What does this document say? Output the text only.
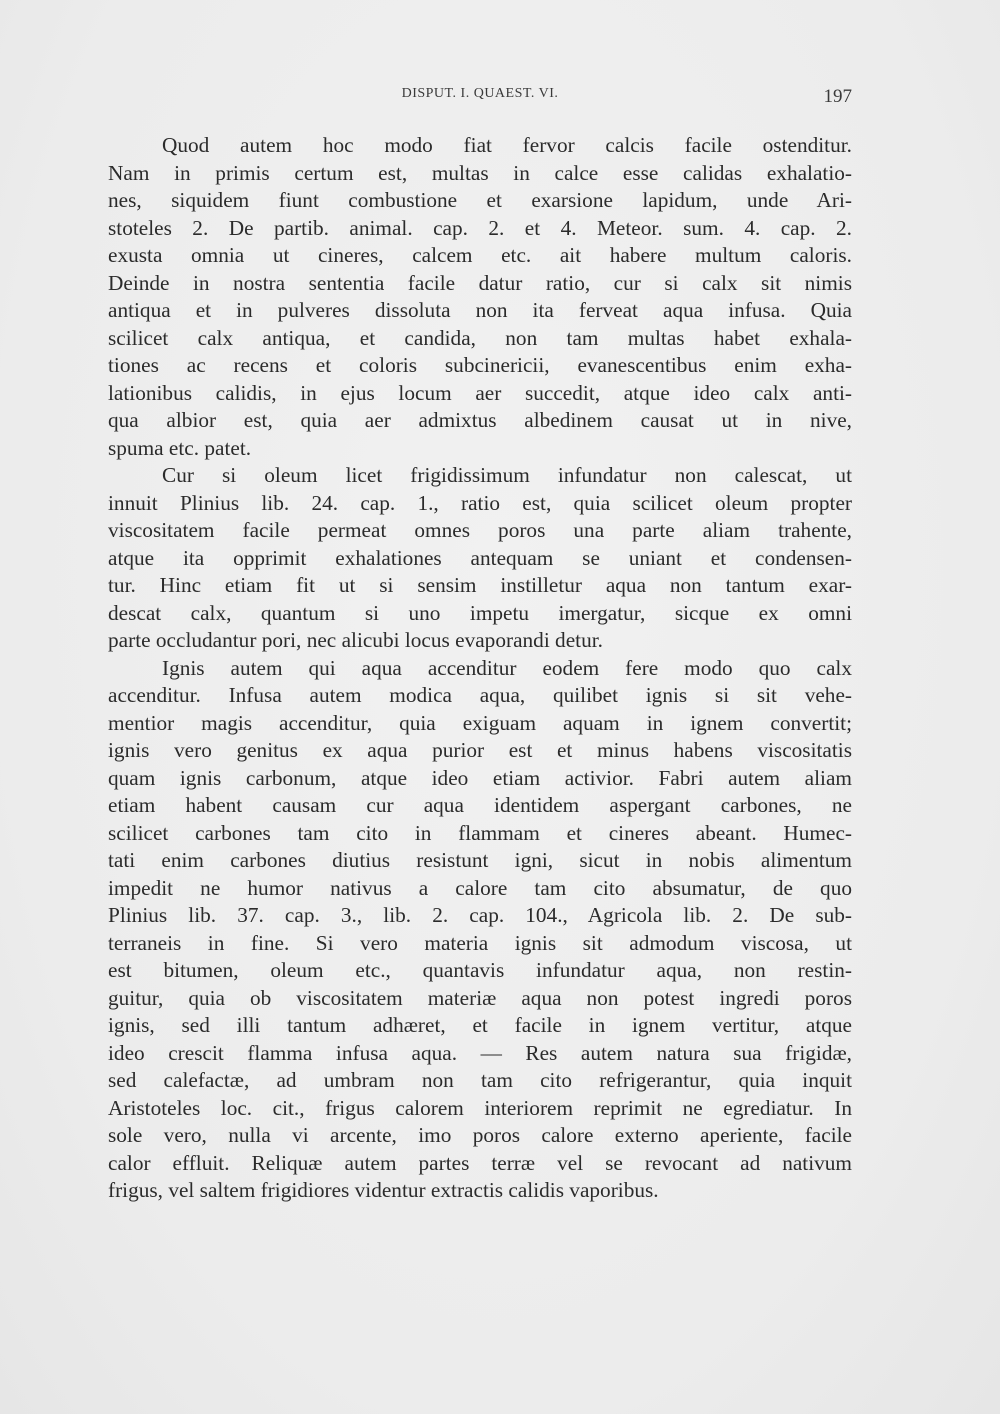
DISPUT. I. QUAEST. VI.	197
Quod autem hoc modo fiat fervor calcis facile ostenditur.
Nam in primis certum est, multas in calce esse calidas exhalatio-
nes, siquidem fiunt combustione et exarsione lapidum, unde Ari-
stoteles 2. De partib. animal. cap. 2. et 4. Meteor. sum. 4. cap. 2.
exusta omnia ut cineres, calcem etc. ait habere multum caloris.
Deinde in nostra sententia facile datur ratio, cur si calx sit nimis
antiqua et in pulveres dissoluta non ita ferveat aqua infusa. Quia
scilicet calx antiqua, et candida, non tam multas habet exhala-
tiones ac recens et coloris subcinericii, evanescentibus enim exha-
lationibus calidis, in ejus locum aer succedit, atque ideo calx anti-
qua albior est, quia aer admixtus albedinem causat ut in nive,
spuma etc. patet.
Cur si oleum licet frigidissimum infundatur non calescat, ut
innuit Plinius lib. 24. cap. 1., ratio est, quia scilicet oleum propter
viscositatem facile permeat omnes poros una parte aliam trahente,
atque ita opprimit exhalationes antequam se uniant et condensen-
tur. Hinc etiam fit ut si sensim instilletur aqua non tantum exar-
descat calx, quantum si uno impetu imergatur, sicque ex omni
parte occludantur pori, nec alicubi locus evaporandi detur.
Ignis autem qui aqua accenditur eodem fere modo quo calx
accenditur. Infusa autem modica aqua, quilibet ignis si sit vehe-
mentior magis accenditur, quia exiguam aquam in ignem convertit;
ignis vero genitus ex aqua purior est et minus habens viscositatis
quam ignis carbonum, atque ideo etiam activior. Fabri autem aliam
etiam habent causam cur aqua identidem aspergant carbones, ne
scilicet carbones tam cito in flammam et cineres abeant. Humec-
tati enim carbones diutius resistunt igni, sicut in nobis alimentum
impedit ne humor nativus a calore tam cito absumatur, de quo
Plinius lib. 37. cap. 3., lib. 2. cap. 104., Agricola lib. 2. De sub-
terraneis in fine. Si vero materia ignis sit admodum viscosa, ut
est bitumen, oleum etc., quantavis infundatur aqua, non restin-
guitur, quia ob viscositatem materiæ aqua non potest ingredi poros
ignis, sed illi tantum adhæret, et facile in ignem vertitur, atque
ideo crescit flamma infusa aqua. — Res autem natura sua frigidæ,
sed calefactæ, ad umbram non tam cito refrigerantur, quia inquit
Aristoteles loc. cit., frigus calorem interiorem reprimit ne egrediatur. In
sole vero, nulla vi arcente, imo poros calore externo aperiente, facile
calor effluit. Reliquæ autem partes terræ vel se revocant ad nativum
frigus, vel saltem frigidiores videntur extractis calidis vaporibus.
